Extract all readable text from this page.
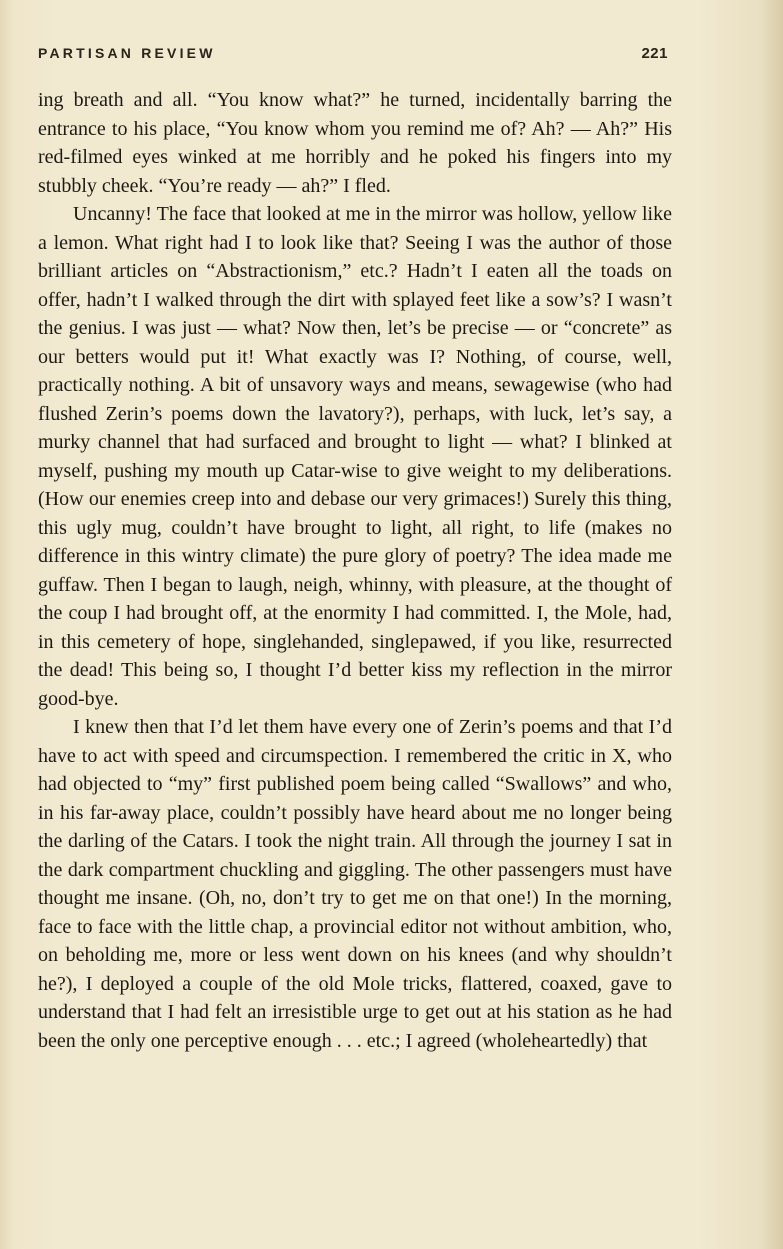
PARTISAN REVIEW	221

ing breath and all. “You know what?” he turned, incidentally barring the entrance to his place, “You know whom you remind me of? Ah? — Ah?” His red-filmed eyes winked at me horribly and he poked his fingers into my stubbly cheek. “You’re ready — ah?” I fled.

Uncanny! The face that looked at me in the mirror was hollow, yellow like a lemon. What right had I to look like that? Seeing I was the author of those brilliant articles on “Abstractionism,” etc.? Hadn’t I eaten all the toads on offer, hadn’t I walked through the dirt with splayed feet like a sow’s? I wasn’t the genius. I was just — what? Now then, let’s be precise — or “concrete” as our betters would put it! What exactly was I? Nothing, of course, well, practically nothing. A bit of unsavory ways and means, sewagewise (who had flushed Zerin’s poems down the lavatory?), perhaps, with luck, let’s say, a murky channel that had surfaced and brought to light — what? I blinked at myself, pushing my mouth up Catar-wise to give weight to my deliberations. (How our enemies creep into and debase our very grimaces!) Surely this thing, this ugly mug, couldn’t have brought to light, all right, to life (makes no difference in this wintry climate) the pure glory of poetry? The idea made me guffaw. Then I began to laugh, neigh, whinny, with pleasure, at the thought of the coup I had brought off, at the enormity I had committed. I, the Mole, had, in this cemetery of hope, singlehanded, singlepawed, if you like, resurrected the dead! This being so, I thought I’d better kiss my reflection in the mirror good-bye.

I knew then that I’d let them have every one of Zerin’s poems and that I’d have to act with speed and circumspection. I remembered the critic in X, who had objected to “my” first published poem being called “Swallows” and who, in his far-away place, couldn’t possibly have heard about me no longer being the darling of the Catars. I took the night train. All through the journey I sat in the dark compartment chuckling and giggling. The other passengers must have thought me insane. (Oh, no, don’t try to get me on that one!) In the morning, face to face with the little chap, a provincial editor not without ambition, who, on beholding me, more or less went down on his knees (and why shouldn’t he?), I deployed a couple of the old Mole tricks, flattered, coaxed, gave to understand that I had felt an irresistible urge to get out at his station as he had been the only one perceptive enough . . . etc.; I agreed (wholeheartedly) that
